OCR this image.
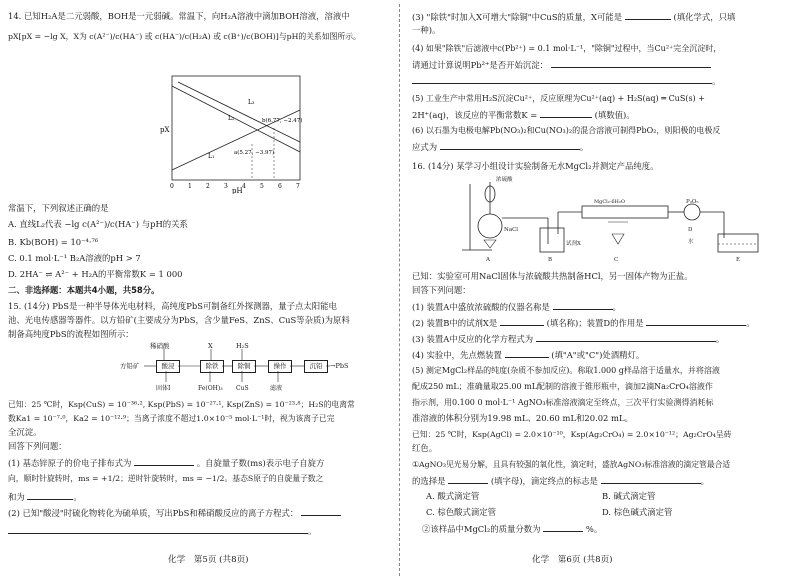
14. 已知H₂A是二元弱酸，BOH是一元弱碱。常温下，向H₂A溶液中滴加BOH溶液，溶液中
pX[pX = −lg X，X为 c(A²⁻)/c(HA⁻) 或 c(HA⁻)/c(H₂A) 或 c(B⁺)/c(BOH)]与pH的关系如图所示。
pX
pH
0 1 2 3 4 5 6 7
L₁
L₂
L₃
b(6.77, −2.47)
a(5.27, −3.97)
常温下，下列叙述正确的是
A. 直线L₂代表 −lg c(A²⁻)/c(HA⁻) 与pH的关系
B. Kb(BOH) = 10⁻⁴·⁷⁶
C. 0.1 mol·L⁻¹ B₂A溶液的pH > 7
D. 2HA⁻ ⇌ A²⁻ + H₂A的平衡常数K = 1 000
二、非选择题：本题共4小题，共58分。
15. (14分) PbS是一种半导体光电材料，高纯度PbS可制备红外探测器，量子点太阳能电
池、光电传感器等器件。以方铅矿(主要成分为PbS，含少量FeS、ZnS、CuS等杂质)为原料
制备高纯度PbS的流程如图所示：
稀硝酸	X	H₂S
方铅矿	酸浸	除铁	除铜	操作	沉铅	→PbS
固体I	Fe(OH)₃ CuS	滤液
已知：25 ℃时，Ksp(CuS) = 10⁻³⁶·², Ksp(PbS) = 10⁻²⁷·¹, Ksp(ZnS) = 10⁻²³·⁸；H₂S的电离常
数Ka1 = 10⁻⁷·⁰，Ka2 = 10⁻¹²·⁹；当离子浓度不超过1.0×10⁻⁵ mol·L⁻¹时，视为该离子已完
全沉淀。
回答下列问题：
(1) 基态锌原子的价电子排布式为	。自旋量子数(ms)表示电子自旋方
向，顺时针旋转时，ms = +1/2；逆时针旋转时，ms = −1/2。基态S原子的自旋量子数之
和为	。
(2) 已知"酸浸"时硫化物转化为硫单质，写出PbS和稀硝酸反应的离子方程式：
。
化学　第5页 (共8页)
(3) "除铁"时加入X可增大"除铜"中CuS的质量，X可能是	(填化学式，只填
一种)。
(4) 如果"除铁"后滤液中c(Pb²⁺) = 0.1 mol·L⁻¹，"除铜"过程中，当Cu²⁺完全沉淀时，
请通过计算说明Pb²⁺是否开始沉淀：
。
(5) 工业生产中常用H₂S沉淀Cu²⁺，反应原理为Cu²⁺(aq) + H₂S(aq) ═ CuS(s) +
2H⁺(aq)，该反应的平衡常数K =	(填数值)。
(6) 以石墨为电极电解Pb(NO₃)₂和Cu(NO₃)₂的混合溶液可制得PbO₂，则阳极的电极反
应式为	。
16. (14分) 某学习小组设计实验制备无水MgCl₂并测定产品纯度。
浓硫酸
NaCl
试剂X
MgCl₂·6H₂O	P₂O₅
水
A	B	C
D
E
已知：实验室可用NaCl固体与浓硫酸共热制备HCl，另一固体产物为正盐。
回答下列问题：
(1) 装置A中盛放浓硫酸的仪器名称是	。
(2) 装置B中的试剂X是	(填名称)；装置D的作用是	。
(3) 装置A中反应的化学方程式为	。
(4) 实验中，先点燃装置	(填"A"或"C")处酒精灯。
(5) 测定MgCl₂样品的纯度(杂质不参加反应)。称取1.000 g样品溶于适量水，并将溶液
配成250 mL；准确量取25.00 mL配制的溶液于锥形瓶中，滴加2滴Na₂CrO₄溶液作
指示剂，用0.100 0 mol·L⁻¹ AgNO₃标准溶液滴定至终点，三次平行实验测得消耗标
准溶液的体积分别为19.98 mL、20.60 mL和20.02 mL。
已知：25 ℃时，Ksp(AgCl) = 2.0×10⁻¹⁰，Ksp(Ag₂CrO₄) = 2.0×10⁻¹²；Ag₂CrO₄呈砖
红色。
①AgNO₃见光易分解，且具有较强的氧化性，滴定时，盛放AgNO₃标准溶液的滴定管最合适
的选择是	(填字母)，滴定终点的标志是	。
A. 酸式滴定管	B. 碱式滴定管
C. 棕色酸式滴定管	D. 棕色碱式滴定管
②该样品中MgCl₂的质量分数为	%。
化学　第6页 (共8页)
